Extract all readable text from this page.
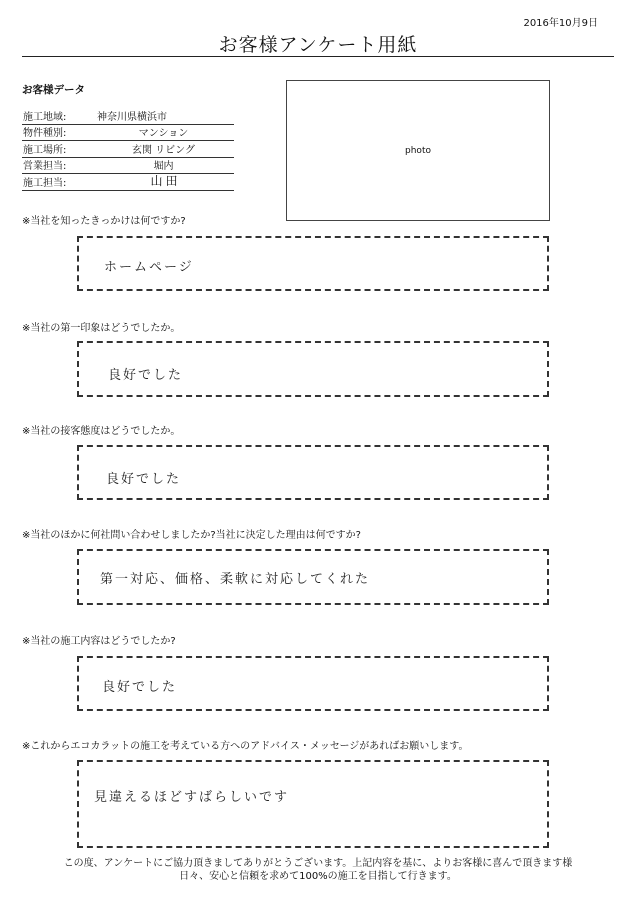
2016年10月9日
お客様アンケート用紙
お客様データ
施工地域:	神奈川県横浜市
物件種別:	マンション
施工場所:	玄関 リビング
営業担当:	堀内
施工担当:	山田
photo
※当社を知ったきっかけは何ですか?
ホームページ
※当社の第一印象はどうでしたか。
良好でした
※当社の接客態度はどうでしたか。
良好でした
※当社のほかに何社問い合わせしましたか?当社に決定した理由は何ですか?
第一対応、価格、柔軟に対応してくれた
※当社の施工内容はどうでしたか?
良好でした
※これからエコカラットの施工を考えている方へのアドバイス・メッセージがあればお願いします。
見違えるほどすばらしいです
この度、アンケートにご協力頂きましてありがとうございます。上記内容を基に、よりお客様に喜んで頂きます様
日々、安心と信頼を求めて100%の施工を目指して行きます。
